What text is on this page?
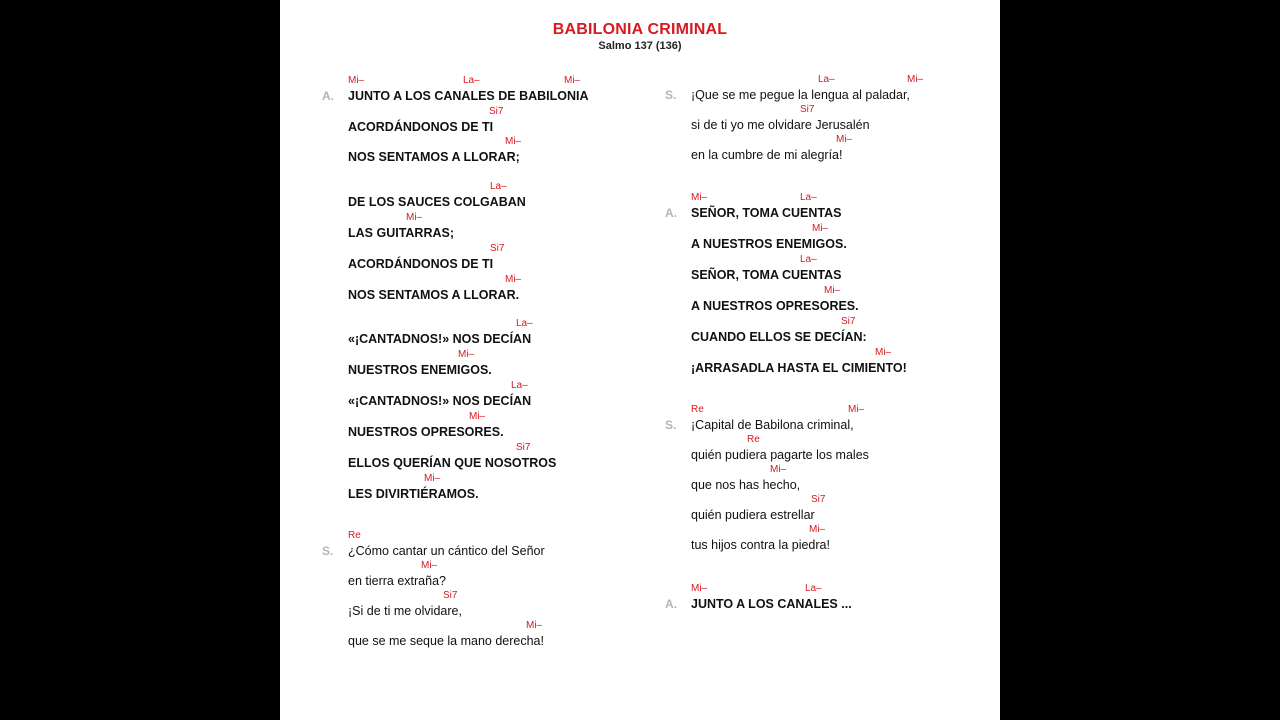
BABILONIA CRIMINAL
Salmo 137 (136)
A. JUNTO A LOS CANALES DE BABILONIA
Mi–	La–	Mi–
ACORDÁNDONOS DE TI
Si7
NOS SENTAMOS A LLORAR;
Mi–
DE LOS SAUCES COLGABAN
La–
LAS GUITARRAS;
Mi–
ACORDÁNDONOS DE TI
Si7
NOS SENTAMOS A LLORAR.
Mi–
«¡CANTADNOS!» NOS DECÍAN
La–
NUESTROS ENEMIGOS.
Mi–
«¡CANTADNOS!» NOS DECÍAN
La–
NUESTROS OPRESORES.
Mi–
ELLOS QUERÍAN QUE NOSOTROS
Si7
LES DIVIRTIÉRAMOS.
Mi–
S. ¿Cómo cantar un cántico del Señor
Re
en tierra extraña?
Mi–
¡Si de ti me olvidare,
Si7
que se me seque la mano derecha!
Mi–
S. ¡Que se me pegue la lengua al paladar,
La–	Mi–
si de ti yo me olvidare Jerusalén
Si7
en la cumbre de mi alegría!
Mi–
A. SEÑOR, TOMA CUENTAS
Mi–	La–
A NUESTROS ENEMIGOS.
Mi–
SEÑOR, TOMA CUENTAS
La–
A NUESTROS OPRESORES.
Mi–
CUANDO ELLOS SE DECÍAN:
Si7
¡ARRASADLA HASTA EL CIMIENTO!
Mi–
S. ¡Capital de Babilona criminal,
Re	Mi–
quién pudiera pagarte los males
Re
que nos has hecho,
Mi–
quién pudiera estrellar
Si7
tus hijos contra la piedra!
Mi–
A. JUNTO A LOS CANALES ...
Mi–	La–
